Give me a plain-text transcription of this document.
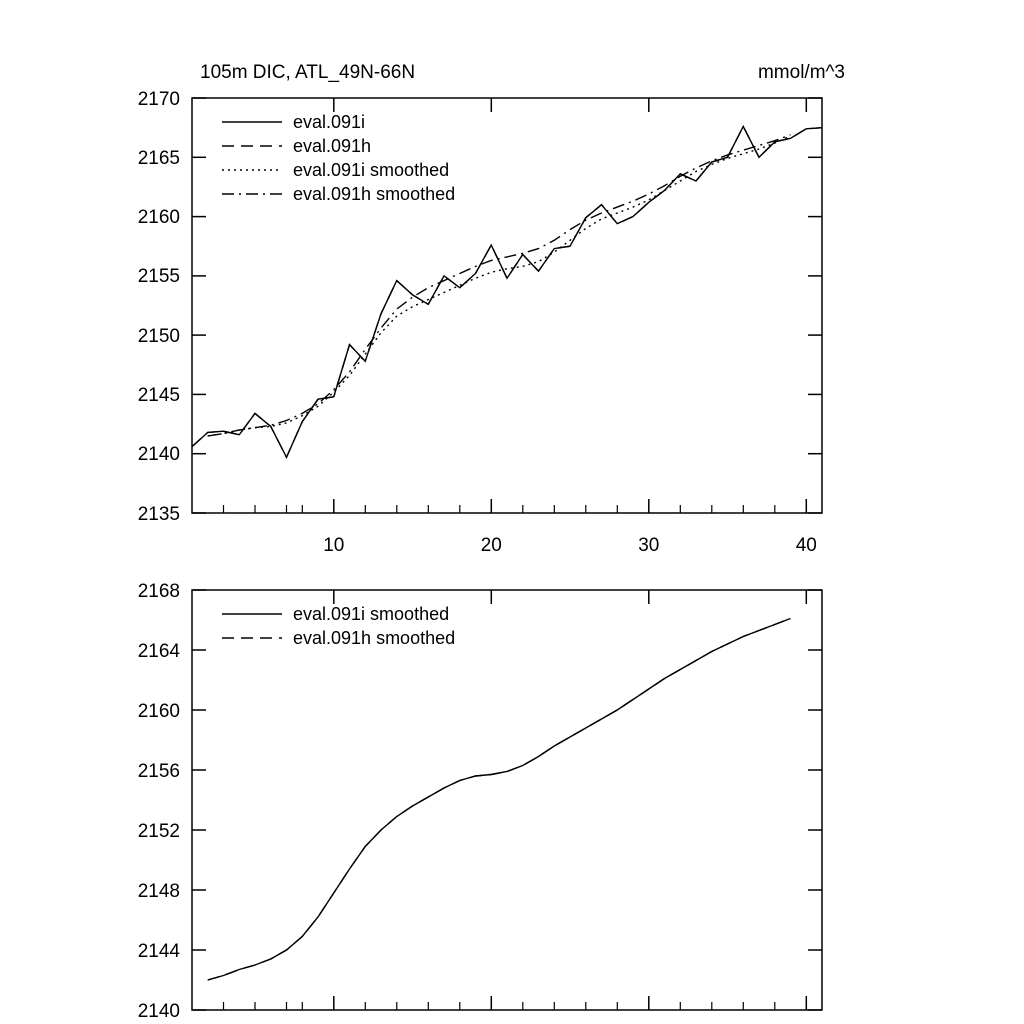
105m DIC, ATL_49N-66N	mmol/m^3
2170
2165
2160
2155
2150
2145
2140
2135
10	20	30	40
eval.091i
eval.091h
eval.091i smoothed
eval.091h smoothed
2168
2164
2160
2156
2152
2148
2144
2140
eval.091i smoothed
eval.091h smoothed
